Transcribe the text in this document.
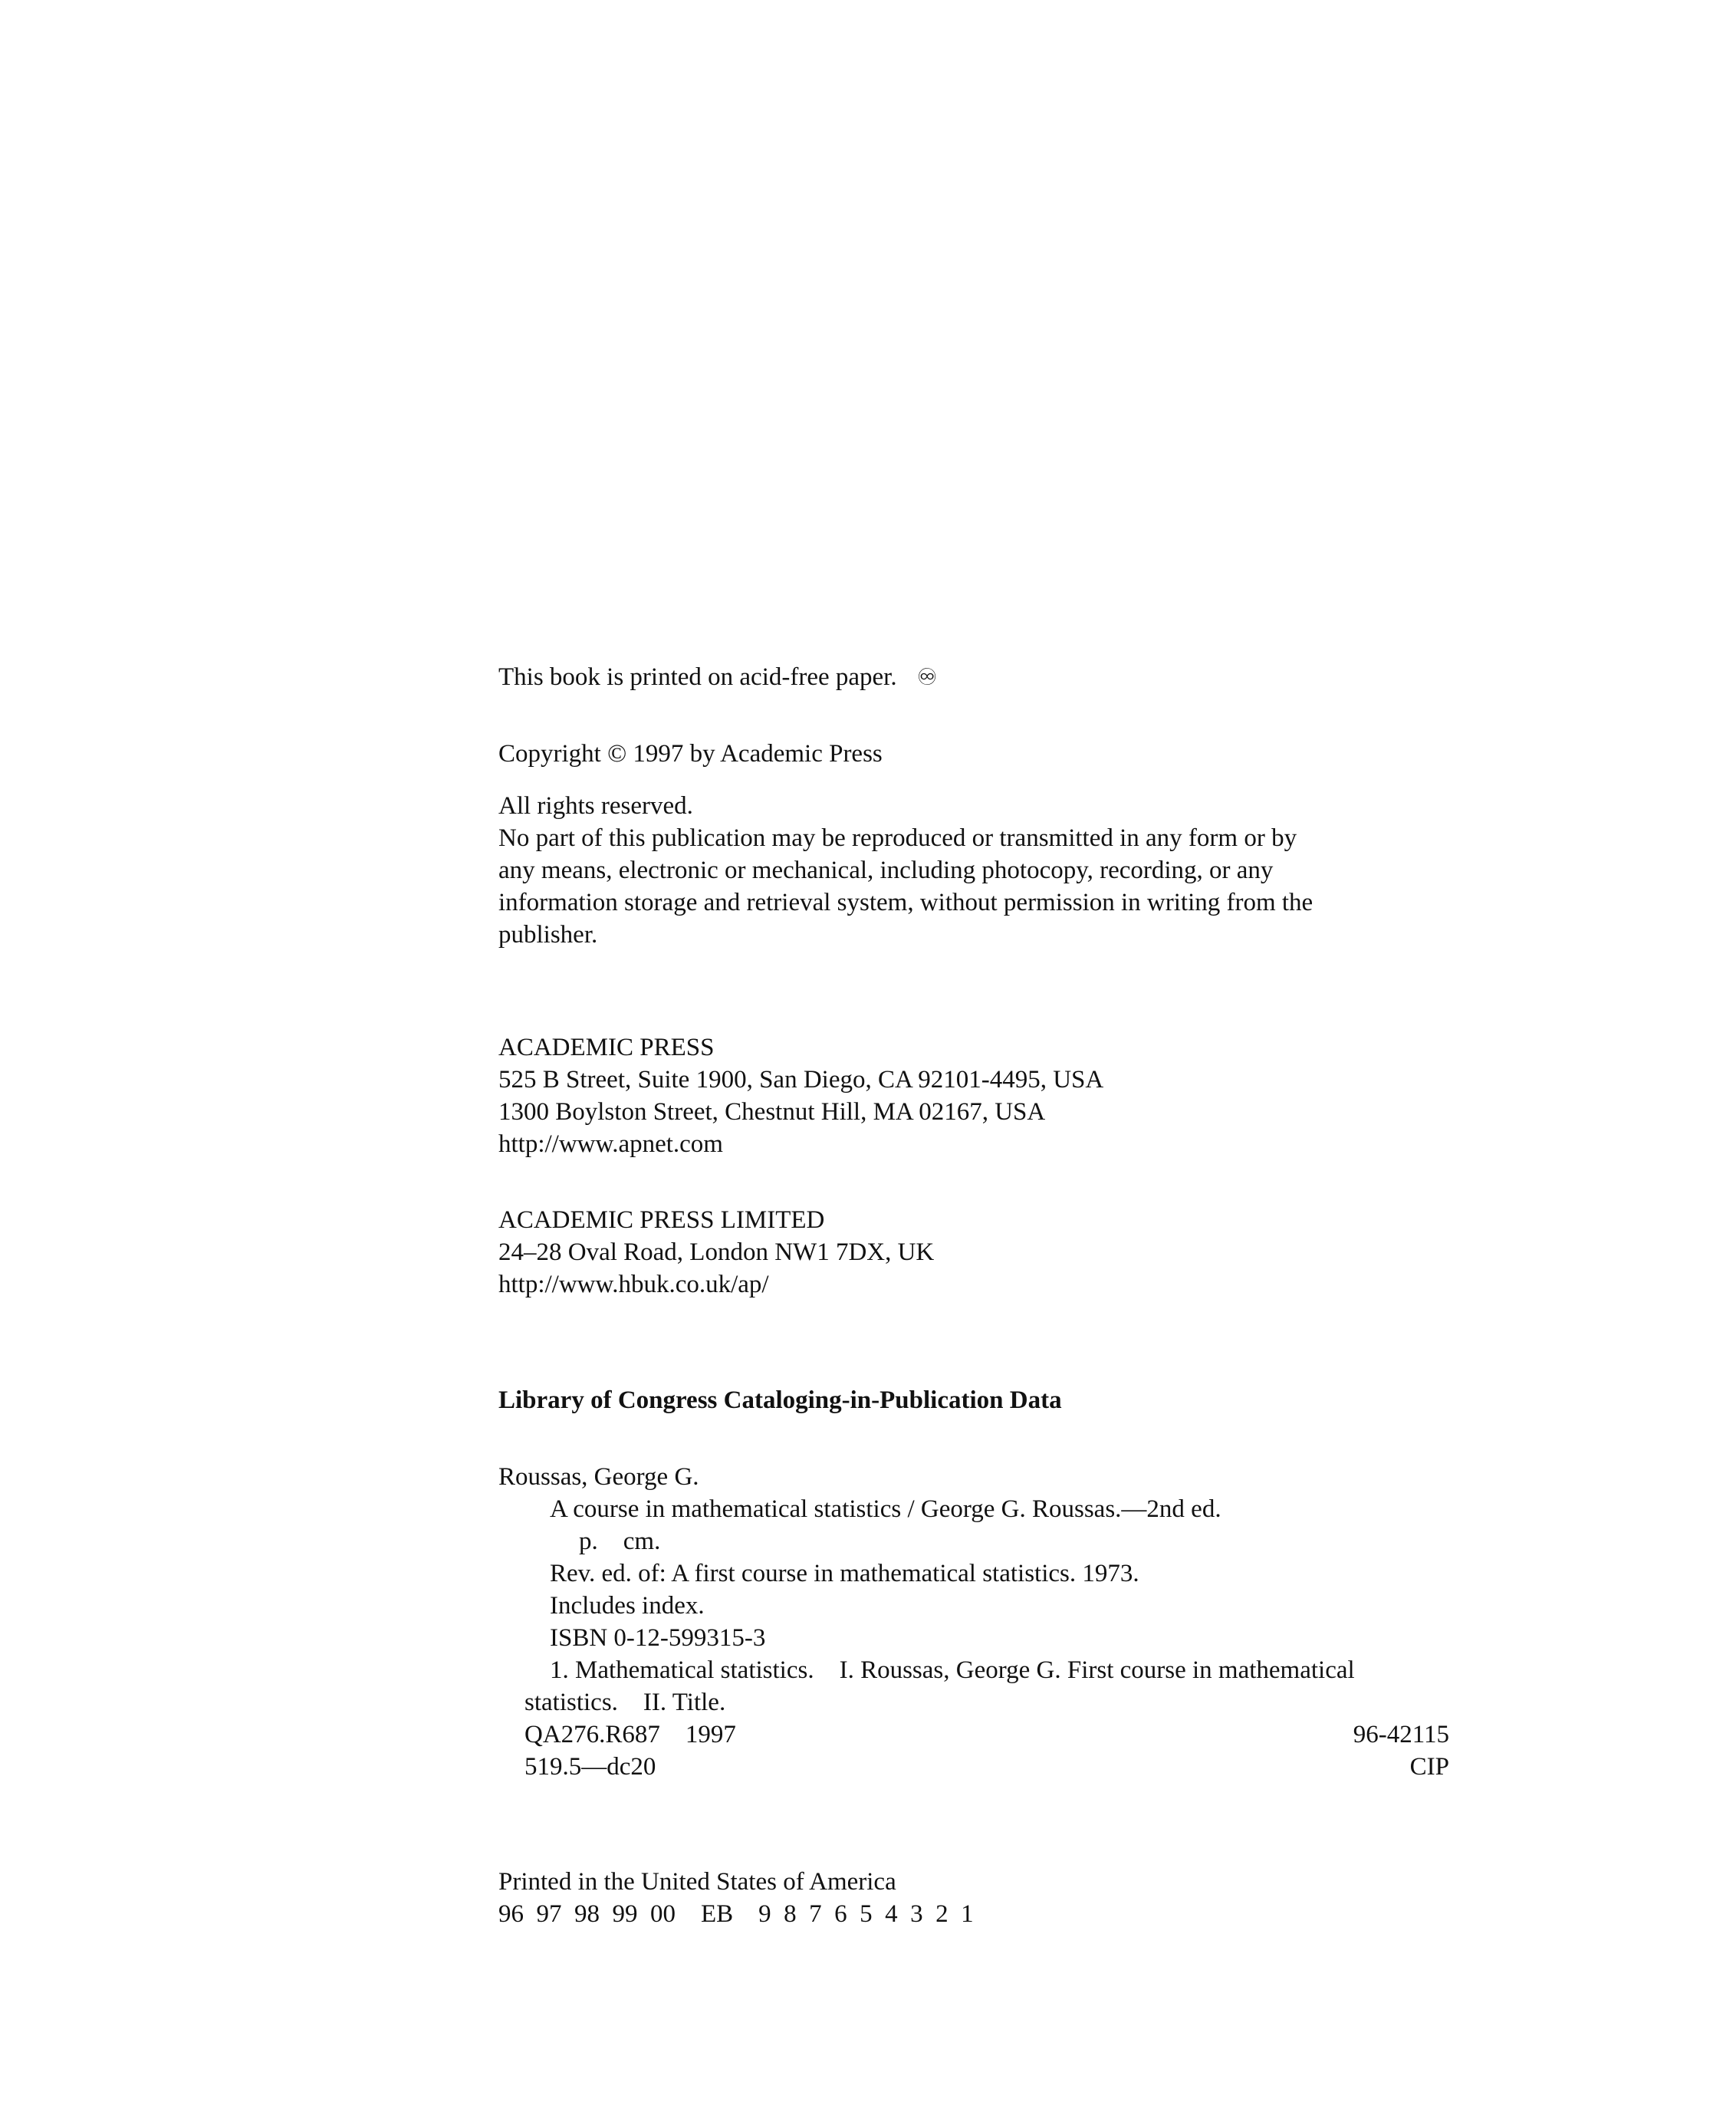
This book is printed on acid-free paper. ♾
Copyright © 1997 by Academic Press
All rights reserved.
No part of this publication may be reproduced or transmitted in any form or by
any means, electronic or mechanical, including photocopy, recording, or any
information storage and retrieval system, without permission in writing from the
publisher.
ACADEMIC PRESS
525 B Street, Suite 1900, San Diego, CA 92101-4495, USA
1300 Boylston Street, Chestnut Hill, MA 02167, USA
http://www.apnet.com
ACADEMIC PRESS LIMITED
24–28 Oval Road, London NW1 7DX, UK
http://www.hbuk.co.uk/ap/
Library of Congress Cataloging-in-Publication Data
Roussas, George G.
A course in mathematical statistics / George G. Roussas.—2nd ed.
p.    cm.
Rev. ed. of: A first course in mathematical statistics. 1973.
Includes index.
ISBN 0-12-599315-3
1. Mathematical statistics.    I. Roussas, George G. First course in mathematical
statistics.    II. Title.
QA276.R687    1997	96-42115
519.5—dc20	CIP
Printed in the United States of America
96  97  98  99  00    EB    9  8  7  6  5  4  3  2  1
